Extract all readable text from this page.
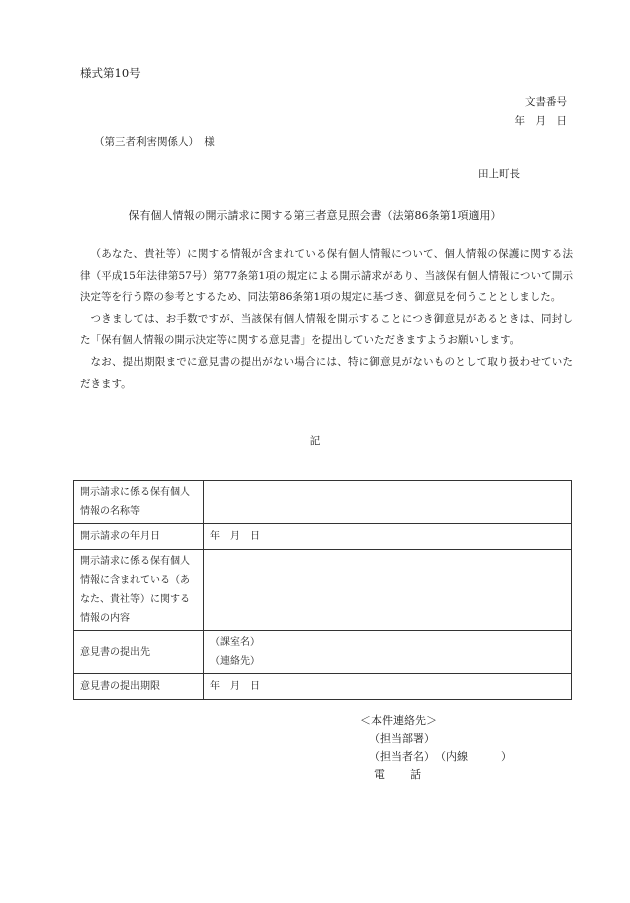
様式第10号
文書番号
年　月　日
（第三者利害関係人）　様
田上町長
保有個人情報の開示請求に関する第三者意見照会書（法第86条第1項適用）

（あなた、貴社等）に関する情報が含まれている保有個人情報について、個人情報の保護に関する法律（平成15年法律第57号）第77条第1項の規定による開示請求があり、当該保有個人情報について開示決定等を行う際の参考とするため、同法第86条第1項の規定に基づき、御意見を伺うこととしました。

つきましては、お手数ですが、当該保有個人情報を開示することにつき御意見があるときは、同封した「保有個人情報の開示決定等に関する意見書」を提出していただきますようお願いします。

なお、提出期限までに意見書の提出がない場合には、特に御意見がないものとして取り扱わせていただきます。

記
開示請求に係る保有個人情報の名称等	
開示請求の年月日	年　月　日
開示請求に係る保有個人情報に含まれている（あなた、貴社等）に関する情報の内容	
意見書の提出先	（課室名）
（連絡先）

意見書の提出期限	年　月　日
＜本件連絡先＞
（担当部署）
（担当者名）　（内線　　　）
電　　話
